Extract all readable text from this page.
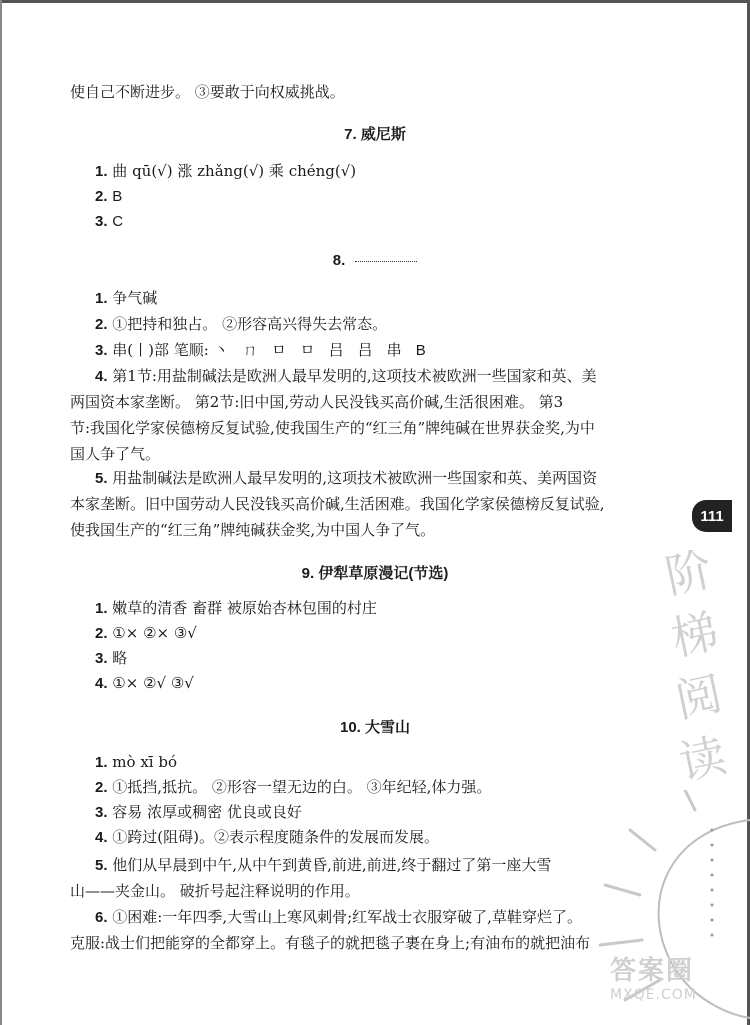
使自己不断进步。 ③要敢于向权威挑战。
7. 威尼斯
1. 曲 qū(√) 涨 zhǎng(√) 乘 chéng(√)
2. B
3. C
8.
1. 争气碱
2. ①把持和独占。 ②形容高兴得失去常态。
3. 串(丨)部 笔顺: 丶 ㄇ ㅁ ㅁ 吕 吕 串 B
4. 第1节:用盐制碱法是欧洲人最早发明的,这项技术被欧洲一些国家和英、美
两国资本家垄断。 第2节:旧中国,劳动人民没钱买高价碱,生活很困难。 第3
节:我国化学家侯德榜反复试验,使我国生产的“红三角”牌纯碱在世界获金奖,为中
国人争了气。
5. 用盐制碱法是欧洲人最早发明的,这项技术被欧洲一些国家和英、美两国资
本家垄断。旧中国劳动人民没钱买高价碱,生活困难。我国化学家侯德榜反复试验,
使我国生产的“红三角”牌纯碱获金奖,为中国人争了气。
9. 伊犁草原漫记(节选)
1. 嫩草的清香 畜群 被原始杏林包围的村庄
2. ①× ②× ③√
3. 略
4. ①× ②√ ③√
10. 大雪山
1. mò xī bó
2. ①抵挡,抵抗。 ②形容一望无边的白。 ③年纪轻,体力强。
3. 容易 浓厚或稠密 优良或良好
4. ①跨过(阻碍)。②表示程度随条件的发展而发展。
5. 他们从早晨到中午,从中午到黄昏,前进,前进,终于翻过了第一座大雪
山——夹金山。 破折号起注释说明的作用。
6. ①困难:一年四季,大雪山上寒风刺骨;红军战士衣服穿破了,草鞋穿烂了。
克服:战士们把能穿的全都穿上。有毯子的就把毯子裹在身上;有油布的就把油布
111
阶
梯
阅
读
答案圈
MXQE.COM
